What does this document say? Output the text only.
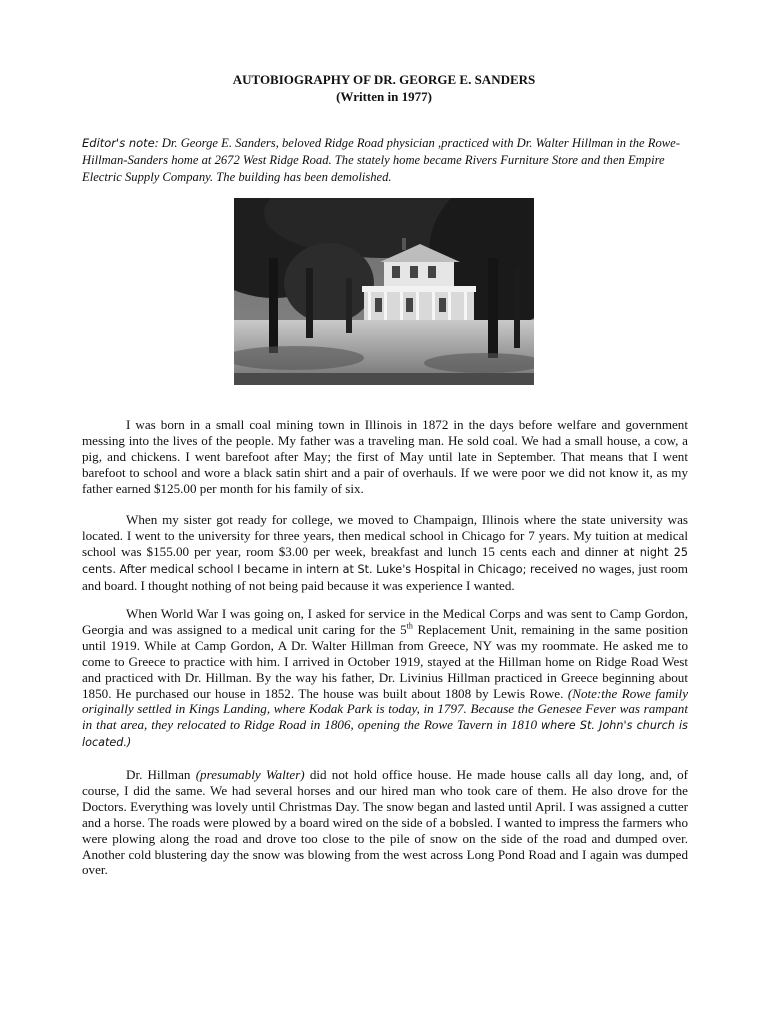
AUTOBIOGRAPHY OF DR. GEORGE E. SANDERS
(Written in 1977)
Editor's note: Dr. George E. Sanders, beloved Ridge Road physician ,practiced with Dr. Walter Hillman in the Rowe-Hillman-Sanders home at 2672 West Ridge Road. The stately home became Rivers Furniture Store and then Empire Electric Supply Company. The building has been demolished.

I was born in a small coal mining town in Illinois in 1872 in the days before welfare and government messing into the lives of the people. My father was a traveling man. He sold coal. We had a small house, a cow, a pig, and chickens. I went barefoot after May; the first of May until late in September. That means that I went barefoot to school and wore a black satin shirt and a pair of overhauls. If we were poor we did not know it, as my father earned $125.00 per month for his family of six.

When my sister got ready for college, we moved to Champaign, Illinois where the state university was located. I went to the university for three years, then medical school in Chicago for 7 years. My tuition at medical school was $155.00 per year, room $3.00 per week, breakfast and lunch 15 cents each and dinner at night 25 cents. After medical school I became in intern at St. Luke's Hospital in Chicago; received no wages, just room and board. I thought nothing of not being paid because it was experience I wanted.

When World War I was going on, I asked for service in the Medical Corps and was sent to Camp Gordon, Georgia and was assigned to a medical unit caring for the 5th Replacement Unit, remaining in the same position until 1919. While at Camp Gordon, A Dr. Walter Hillman from Greece, NY was my roommate. He asked me to come to Greece to practice with him. I arrived in October 1919, stayed at the Hillman home on Ridge Road West and practiced with Dr. Hillman. By the way his father, Dr. Livinius Hillman practiced in Greece beginning about 1850. He purchased our house in 1852. The house was built about 1808 by Lewis Rowe. (Note:the Rowe family originally settled in Kings Landing, where Kodak Park is today, in 1797. Because the Genesee Fever was rampant in that area, they relocated to Ridge Road in 1806, opening the Rowe Tavern in 1810 where St. John's church is located.)

Dr. Hillman (presumably Walter) did not hold office house. He made house calls all day long, and, of course, I did the same. We had several horses and our hired man who took care of them. He also drove for the Doctors. Everything was lovely until Christmas Day. The snow began and lasted until April. I was assigned a cutter and a horse. The roads were plowed by a board wired on the side of a bobsled. I wanted to impress the farmers who were plowing along the road and drove too close to the pile of snow on the side of the road and dumped over. Another cold blustering day the snow was blowing from the west across Long Pond Road and I again was dumped over.
